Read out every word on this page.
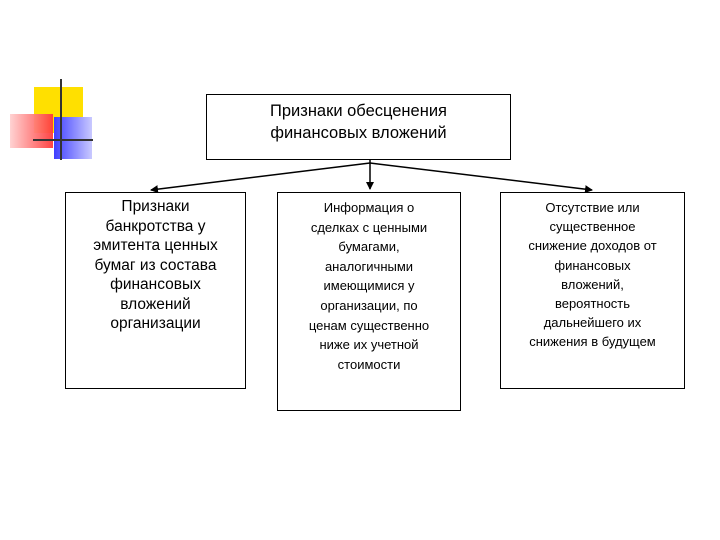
Признаки обесценения
финансовых вложений
Признаки
банкротства у
эмитента ценных
бумаг из состава
финансовых
вложений
организации
Информация о
сделках с ценными
бумагами,
аналогичными
имеющимися у
организации, по
ценам существенно
ниже их учетной
стоимости
Отсутствие или
существенное
снижение доходов от
финансовых
вложений,
вероятность
дальнейшего их
снижения в будущем
